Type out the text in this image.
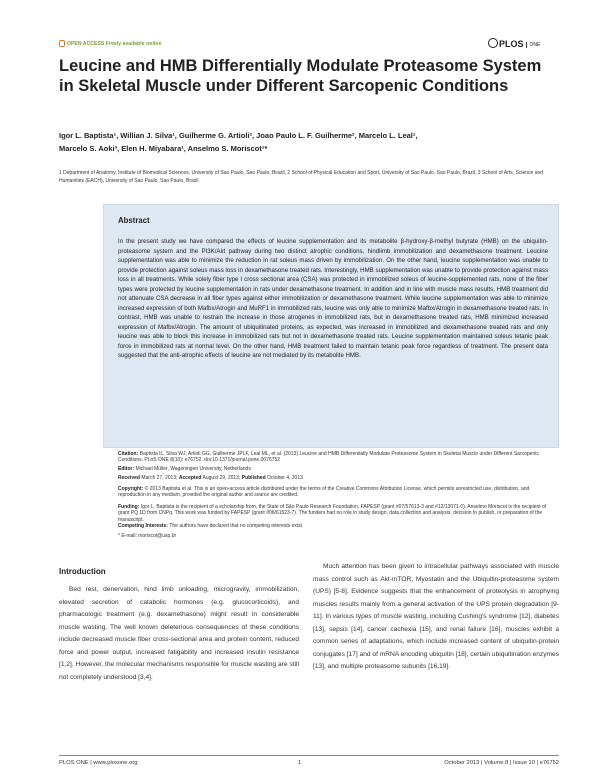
OPEN ACCESS Freely available online	PLOS ONE
Leucine and HMB Differentially Modulate Proteasome System in Skeletal Muscle under Different Sarcopenic Conditions
Igor L. Baptista¹, Willian J. Silva¹, Guilherme G. Artioli², Joao Paulo L. F. Guilherme², Marcelo L. Leal¹,
Marcelo S. Aoki³, Elen H. Miyabara¹, Anselmo S. Moriscot¹*
1 Department of Anatomy, Institute of Biomedical Sciences, University of Sao Paulo, Sao Paulo, Brazil, 2 School of Physical Education and Sport, University of Sao Paulo, Sao Paulo, Brazil, 3 School of Arts, Science and Humanities (EACH), University of Sao Paulo, Sao Paulo, Brazil
Abstract
In the present study we have compared the effects of leucine supplementation and its metabolite β-hydroxy-β-methyl butyrate (HMB) on the ubiquitin-proteasome system and the PI3K/Akt pathway during two distinct atrophic conditions, hindlimb immobilization and dexamethasone treatment. Leucine supplementation was able to minimize the reduction in rat soleus mass driven by immobilization. On the other hand, leucine supplementation was unable to provide protection against soleus mass loss in dexamethasone treated rats. Interestingly, HMB supplementation was unable to provide protection against mass loss in all treatments. While solely fiber type I cross sectional area (CSA) was protected in immobilized soleus of leucine-supplemented rats, none of the fiber types were protected by leucine supplementation in rats under dexamethasone treatment. In addition and in line with muscle mass results, HMB treatment did not attenuate CSA decrease in all fiber types against either immobilization or dexamethasone treatment. While leucine supplementation was able to minimize increased expression of both Mafbx/Atrogin and MuRF1 in immobilized rats, leucine was only able to minimize Mafbx/Atrogin in dexamethasone treated rats. In contrast, HMB was unable to restrain the increase in those atrogenes in immobilized rats, but in dexamethasone treated rats, HMB minimized increased expression of Mafbx/Atrogin. The amount of ubiquitinated proteins, as expected, was increased in immobilized and dexamethasone treated rats and only leucine was able to block this increase in immobilized rats but not in dexamethasone treated rats. Leucine supplementation maintained soleus tetanic peak force in immobilized rats at normal level. On the other hand, HMB treatment failed to maintain tetanic peak force regardless of treatment. The present data suggested that the anti-atrophic effects of leucine are not mediated by its metabolite HMB.
Citation: Baptista IL, Silva WJ, Artioli GG, Guilherme JPLF, Leal ML, et al. (2013) Leucine and HMB Differentially Modulate Proteasome System in Skeletal Muscle under Different Sarcopenic Conditions. PLoS ONE 8(10): e76752. doi:10.1371/journal.pone.0076752
Editor: Michael Müller, Wageningen University, Netherlands
Received March 27, 2013; Accepted August 29, 2013; Published October 4, 2013
Copyright: © 2013 Baptista et al. This is an open-access article distributed under the terms of the Creative Commons Attribution License, which permits unrestricted use, distribution, and reproduction in any medium, provided the original author and source are credited.
Funding: Igor L. Baptista is the recipient of a scholarship from, the State of São Paulo Research Foundation, FAPESP (grant #07/57613-3 and #12/13071-0). Anselmo Moriscot is the recipient of grant PQ 1D from CNPq. This work was funded by FAPESP (grant #06/61523-7). The funders had no role in study design, data collection and analysis, decision to publish, or preparation of the manuscript.
Competing Interests: The authors have declared that no competing interests exist.
* E-mail: moriscot@usp.br
Introduction
Bed rest, denervation, hind limb unloading, microgravity, immobilization, elevated secretion of catabolic hormones (e.g. glucocorticoids), and pharmacologic treatment (e.g. dexamethasone) might result in considerable muscle wasting. The well known deleterious consequences of these conditions include decreased muscle fiber cross-sectional area and protein content, reduced force and power output, increased fatigability and increased insulin resistance [1,2]. However, the molecular mechanisms responsible for muscle wasting are still not completely understood [3,4].
Much attention has been given to intracellular pathways associated with muscle mass control such as Akt-mTOR, Myostatin and the Ubiquitin-proteasome system (UPS) [5-8]. Evidence suggests that the enhancement of proteolysis in atrophying muscles results mainly from a general activation of the UPS protein degradation [9-11]. In various types of muscle wasting, including Cushing's syndrome [12], diabetes [13], sepsis [14], cancer cachexia [15], and renal failure [16], muscles exhibit a common series of adaptations, which include increased content of ubiquitin-protein conjugates [17] and of mRNA encoding ubiquitin [18], certain ubiquitination enzymes [13], and multiple proteasome subunits [16,19].
PLOS ONE | www.plosone.org	1	October 2013 | Volume 8 | Issue 10 | e76752
